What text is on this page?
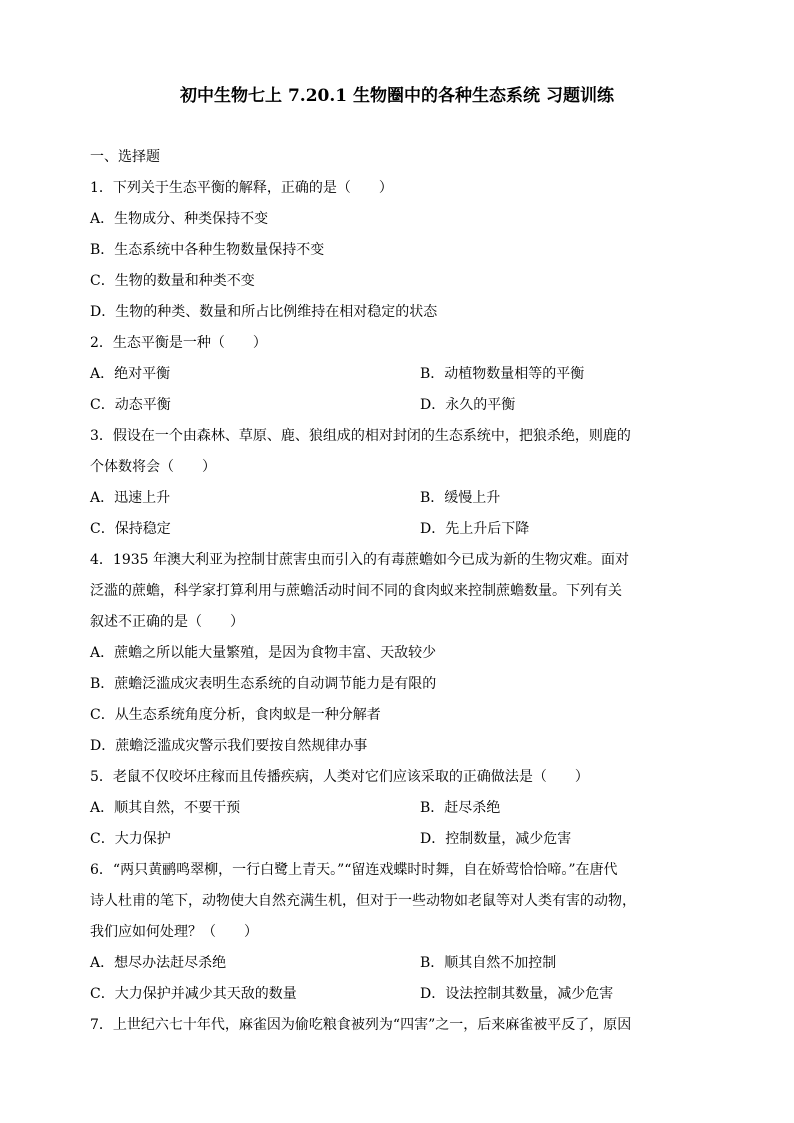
初中生物七上 7.20.1 生物圈中的各种生态系统 习题训练
一、选择题
1．下列关于生态平衡的解释，正确的是（　　）
A．生物成分、种类保持不变
B．生态系统中各种生物数量保持不变
C．生物的数量和种类不变
D．生物的种类、数量和所占比例维持在相对稳定的状态
2．生态平衡是一种（　　）
A．绝对平衡	B．动植物数量相等的平衡
C．动态平衡	D．永久的平衡
3．假设在一个由森林、草原、鹿、狼组成的相对封闭的生态系统中，把狼杀绝，则鹿的
个体数将会（　　）
A．迅速上升	B．缓慢上升
C．保持稳定	D．先上升后下降
4．1935 年澳大利亚为控制甘蔗害虫而引入的有毒蔗蟾如今已成为新的生物灾难。面对
泛滥的蔗蟾，科学家打算利用与蔗蟾活动时间不同的食肉蚁来控制蔗蟾数量。下列有关
叙述不正确的是（　　）
A．蔗蟾之所以能大量繁殖，是因为食物丰富、天敌较少
B．蔗蟾泛滥成灾表明生态系统的自动调节能力是有限的
C．从生态系统角度分析，食肉蚁是一种分解者
D．蔗蟾泛滥成灾警示我们要按自然规律办事
5．老鼠不仅咬坏庄稼而且传播疾病，人类对它们应该采取的正确做法是（　　）
A．顺其自然，不要干预	B．赶尽杀绝
C．大力保护	D．控制数量，减少危害
6．“两只黄鹂鸣翠柳，一行白鹭上青天。”“留连戏蝶时时舞，自在娇莺恰恰啼。”在唐代
诗人杜甫的笔下，动物使大自然充满生机，但对于一些动物如老鼠等对人类有害的动物，
我们应如何处理？（　　）
A．想尽办法赶尽杀绝	B．顺其自然不加控制
C．大力保护并减少其天敌的数量	D．设法控制其数量，减少危害
7．上世纪六七十年代，麻雀因为偷吃粮食被列为“四害”之一，后来麻雀被平反了，原因
